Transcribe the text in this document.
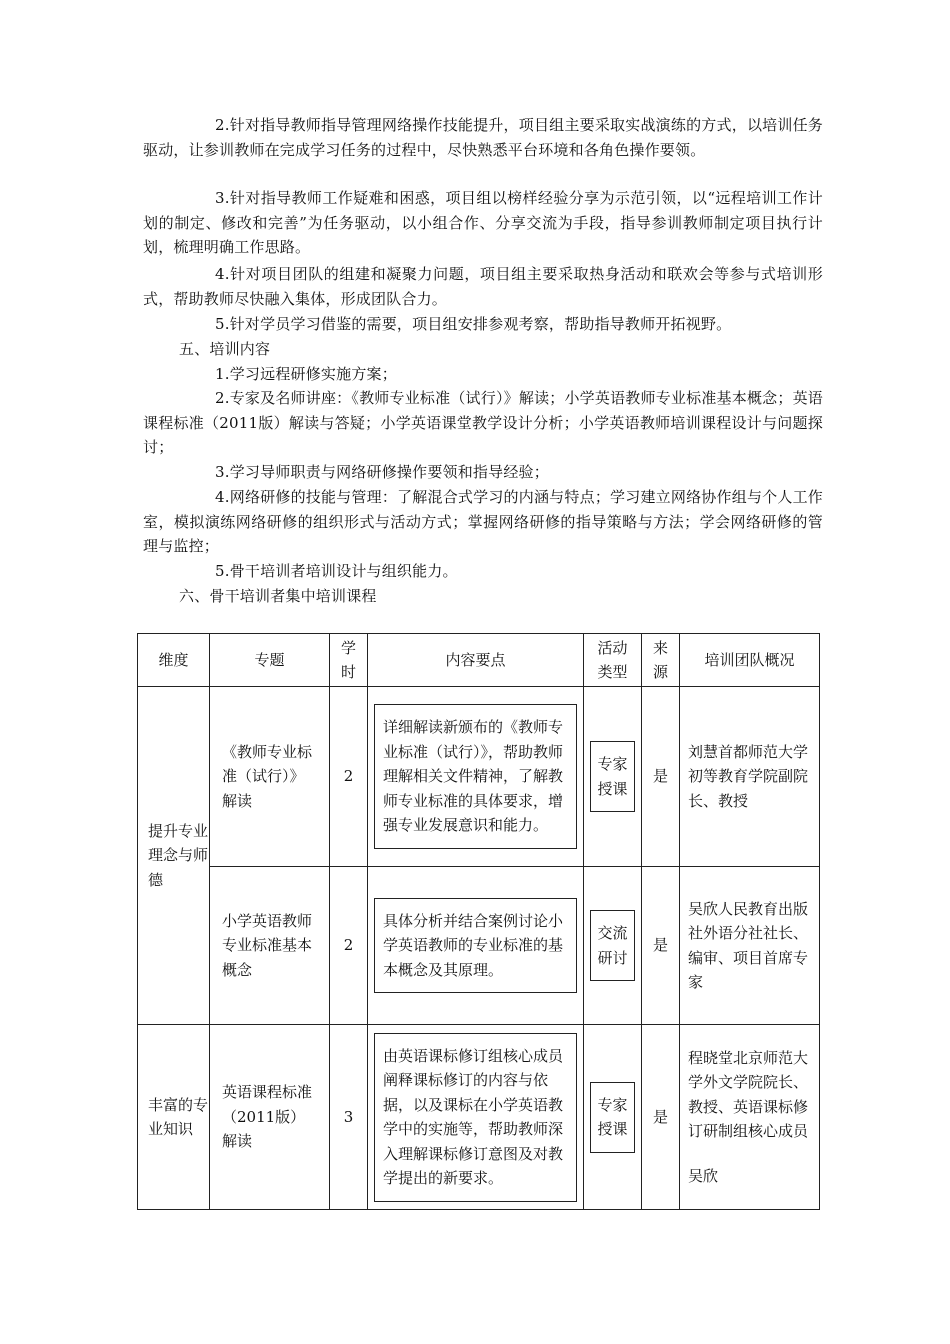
2.针对指导教师指导管理网络操作技能提升，项目组主要采取实战演练的方式，以培训任务驱动，让参训教师在完成学习任务的过程中，尽快熟悉平台环境和各角色操作要领。

3.针对指导教师工作疑难和困惑，项目组以榜样经验分享为示范引领，以“远程培训工作计划的制定、修改和完善”为任务驱动，以小组合作、分享交流为手段，指导参训教师制定项目执行计划，梳理明确工作思路。

4.针对项目团队的组建和凝聚力问题，项目组主要采取热身活动和联欢会等参与式培训形式，帮助教师尽快融入集体，形成团队合力。

5.针对学员学习借鉴的需要，项目组安排参观考察，帮助指导教师开拓视野。

五、培训内容

1.学习远程研修实施方案；

2.专家及名师讲座：《教师专业标准（试行）》解读；小学英语教师专业标准基本概念；英语课程标准（2011版）解读与答疑；小学英语课堂教学设计分析；小学英语教师培训课程设计与问题探讨；

3.学习导师职责与网络研修操作要领和指导经验；

4.网络研修的技能与管理：了解混合式学习的内涵与特点；学习建立网络协作组与个人工作室，模拟演练网络研修的组织形式与活动方式；掌握网络研修的指导策略与方法；学会网络研修的管理与监控；

5.骨干培训者培训设计与组织能力。

六、骨干培训者集中培训课程

维度	专题	学时	内容要点	活动类型	来源	培训团队概况
提升专业理念与师德	《教师专业标准（试行）》解读	2	详细解读新颁布的《教师专业标准（试行）》，帮助教师理解相关文件精神，了解教师专业标准的具体要求，增强专业发展意识和能力。	专家授课	是	刘慧首都师范大学初等教育学院副院长、教授
	小学英语教师专业标准基本概念	2	具体分析并结合案例讨论小学英语教师的专业标准的基本概念及其原理。	交流研讨	是	吴欣人民教育出版社外语分社社长、编审、项目首席专家
丰富的专业知识	英语课程标准（2011版）解读	3	由英语课标修订组核心成员阐释课标修订的内容与依据，以及课标在小学英语教学中的实施等，帮助教师深入理解课标修订意图及对教学提出的新要求。	专家授课	是	程晓堂北京师范大学外文学院院长、教授、英语课标修订研制组核心成员
吴欣
